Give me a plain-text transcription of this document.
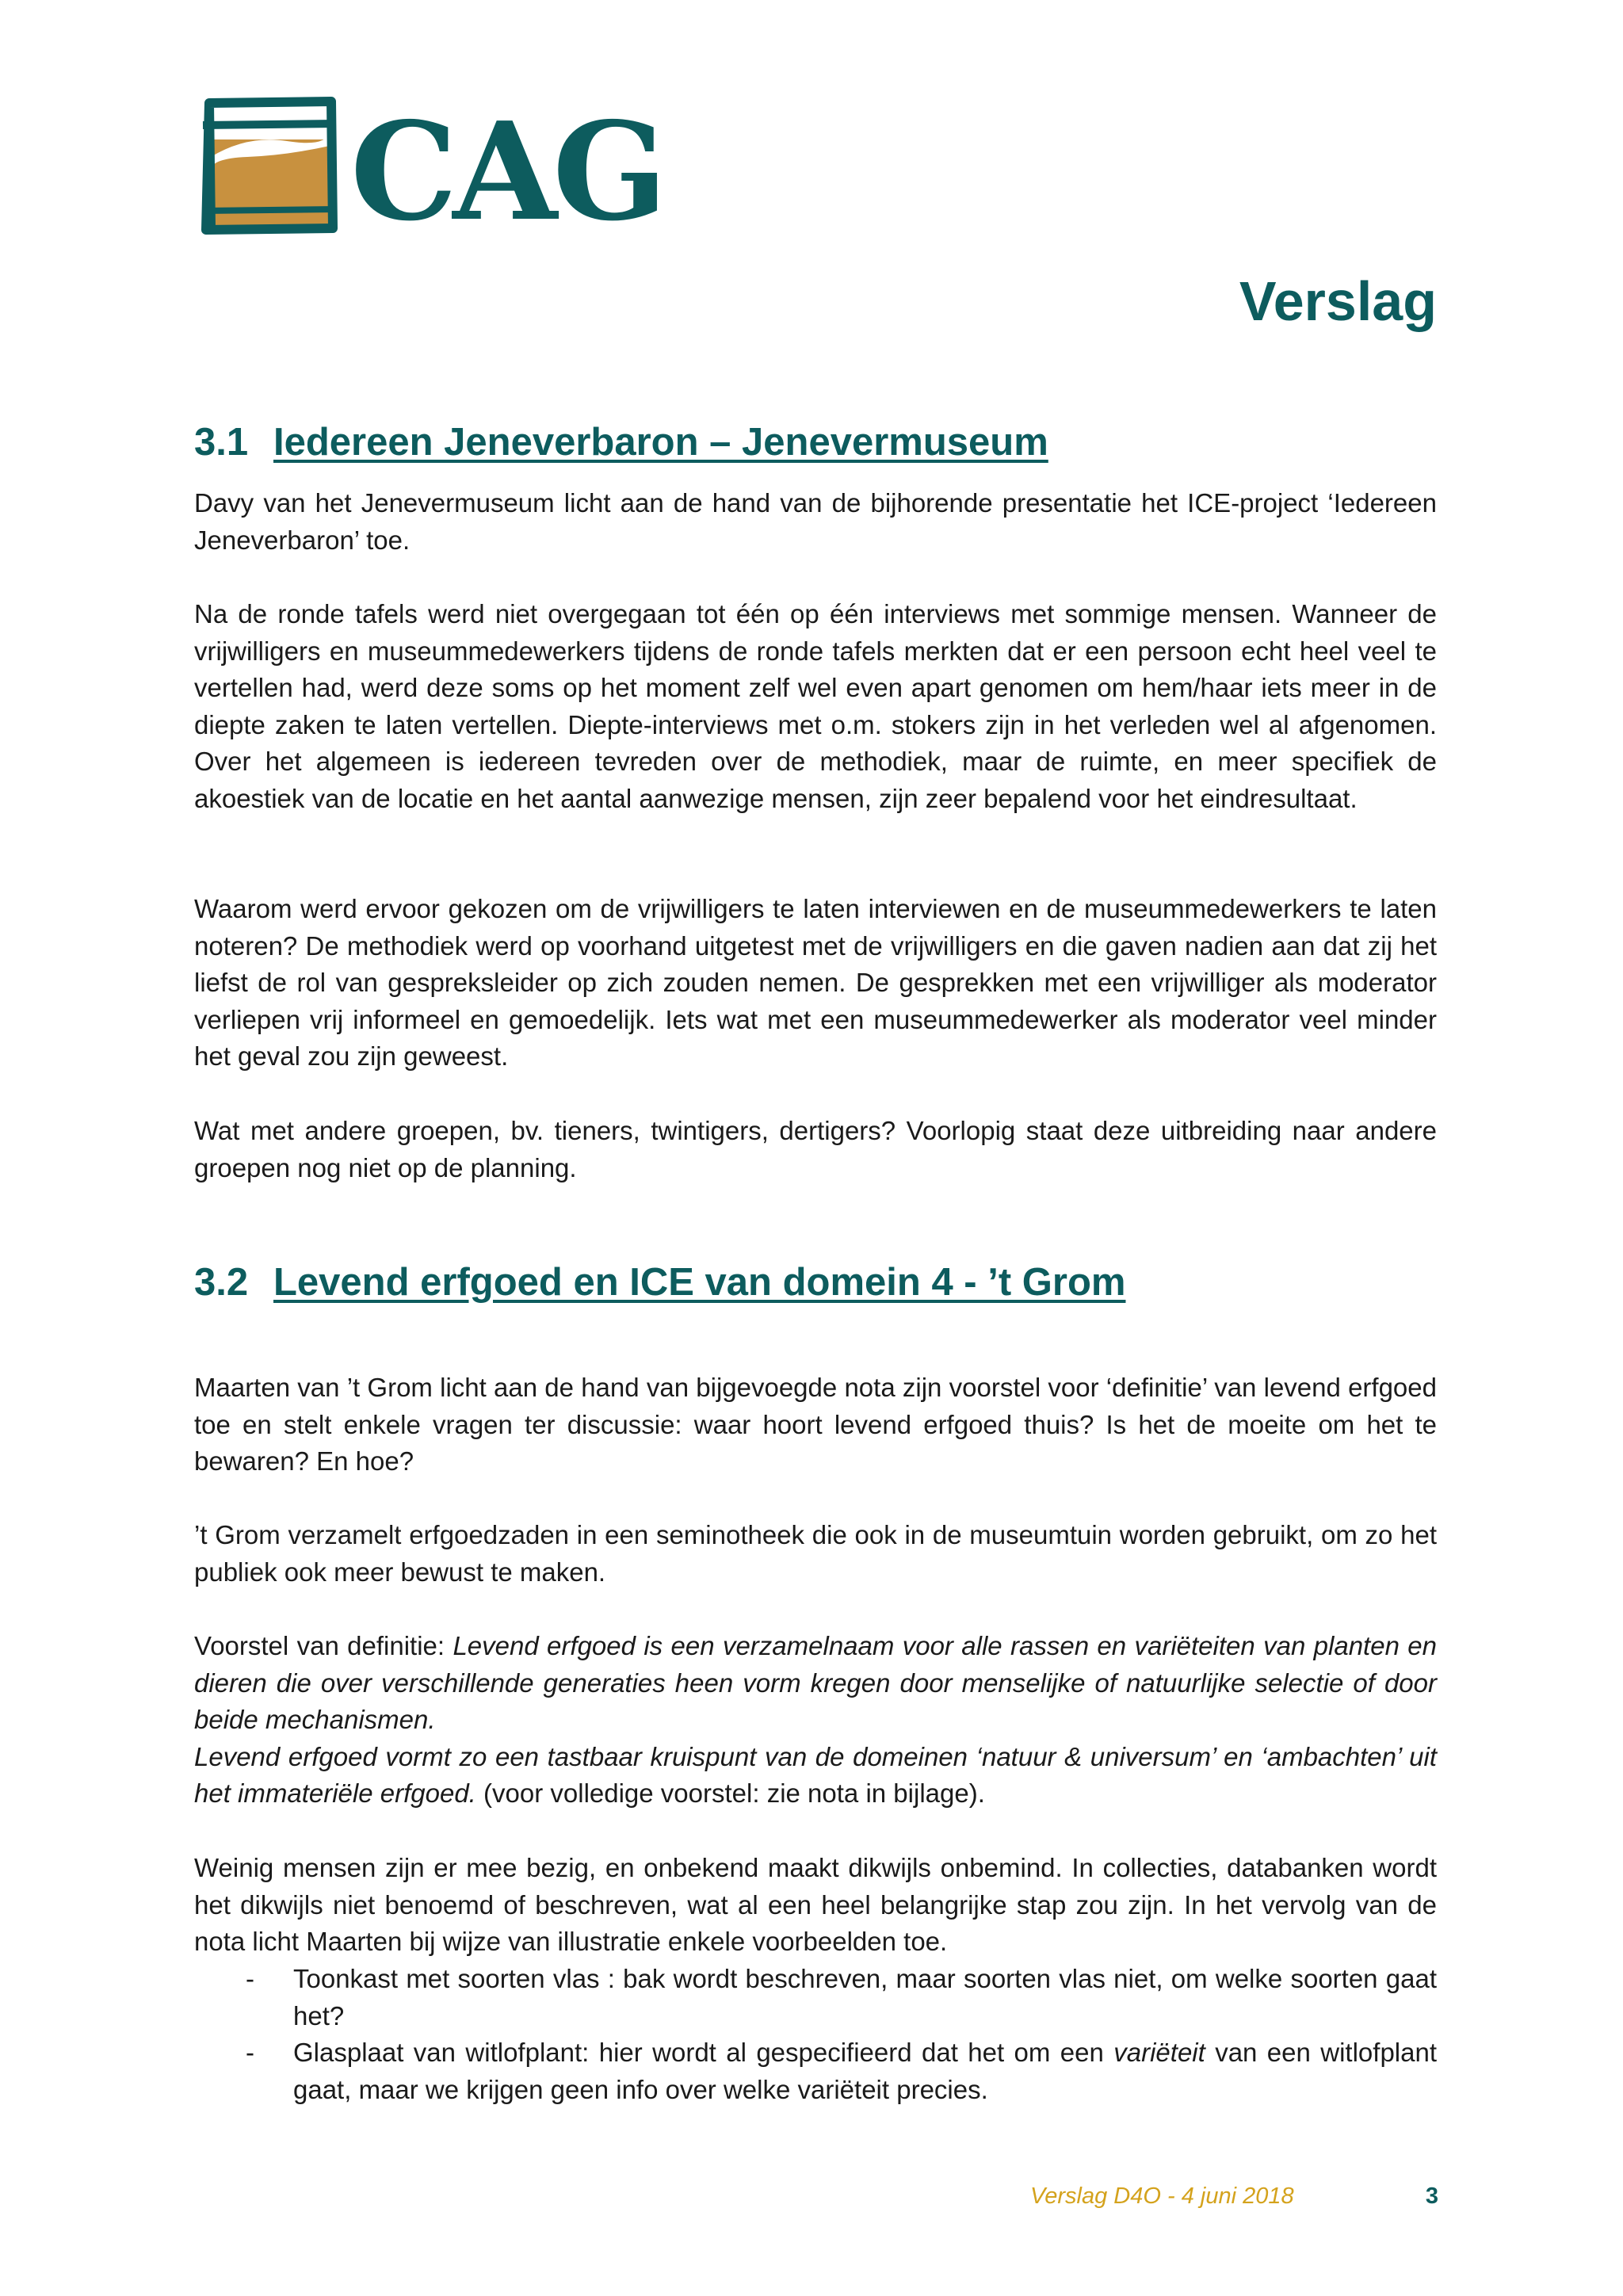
CAG
Verslag
3.1 Iedereen Jeneverbaron – Jenevermuseum

Davy van het Jenevermuseum licht aan de hand van de bijhorende presentatie het ICE-project ‘Iedereen Jeneverbaron’ toe.

Na de ronde tafels werd niet overgegaan tot één op één interviews met sommige mensen. Wanneer de vrijwilligers en museummedewerkers tijdens de ronde tafels merkten dat er een persoon echt heel veel te vertellen had, werd deze soms op het moment zelf wel even apart genomen om hem/haar iets meer in de diepte zaken te laten vertellen. Diepte-interviews met o.m. stokers zijn in het verleden wel al afgenomen. Over het algemeen is iedereen tevreden over de methodiek, maar de ruimte, en meer specifiek de akoestiek van de locatie en het aantal aanwezige mensen, zijn zeer bepalend voor het eindresultaat.

Waarom werd ervoor gekozen om de vrijwilligers te laten interviewen en de museummedewerkers te laten noteren? De methodiek werd op voorhand uitgetest met de vrijwilligers en die gaven nadien aan dat zij het liefst de rol van gespreksleider op zich zouden nemen. De gesprekken met een vrijwilliger als moderator verliepen vrij informeel en gemoedelijk. Iets wat met een museummedewerker als moderator veel minder het geval zou zijn geweest.

Wat met andere groepen, bv. tieners, twintigers, dertigers? Voorlopig staat deze uitbreiding naar andere groepen nog niet op de planning.

3.2 Levend erfgoed en ICE van domein 4 - ’t Grom

Maarten van ’t Grom licht aan de hand van bijgevoegde nota zijn voorstel voor ‘definitie’ van levend erfgoed toe en stelt enkele vragen ter discussie: waar hoort levend erfgoed thuis? Is het de moeite om het te bewaren? En hoe?

’t Grom verzamelt erfgoedzaden in een seminotheek die ook in de museumtuin worden gebruikt, om zo het publiek ook meer bewust te maken.

Voorstel van definitie: Levend erfgoed is een verzamelnaam voor alle rassen en variëteiten van planten en dieren die over verschillende generaties heen vorm kregen door menselijke of natuurlijke selectie of door beide mechanismen.
Levend erfgoed vormt zo een tastbaar kruispunt van de domeinen ‘natuur & universum’ en ‘ambachten’ uit het immateriële erfgoed. (voor volledige voorstel: zie nota in bijlage).

Weinig mensen zijn er mee bezig, en onbekend maakt dikwijls onbemind. In collecties, databanken wordt het dikwijls niet benoemd of beschreven, wat al een heel belangrijke stap zou zijn. In het vervolg van de nota licht Maarten bij wijze van illustratie enkele voorbeelden toe.

- Toonkast met soorten vlas : bak wordt beschreven, maar soorten vlas niet, om welke soorten gaat het?
- Glasplaat van witlofplant: hier wordt al gespecifieerd dat het om een variëteit van een witlofplant gaat, maar we krijgen geen info over welke variëteit precies.
Verslag D4O - 4 juni 2018	3
